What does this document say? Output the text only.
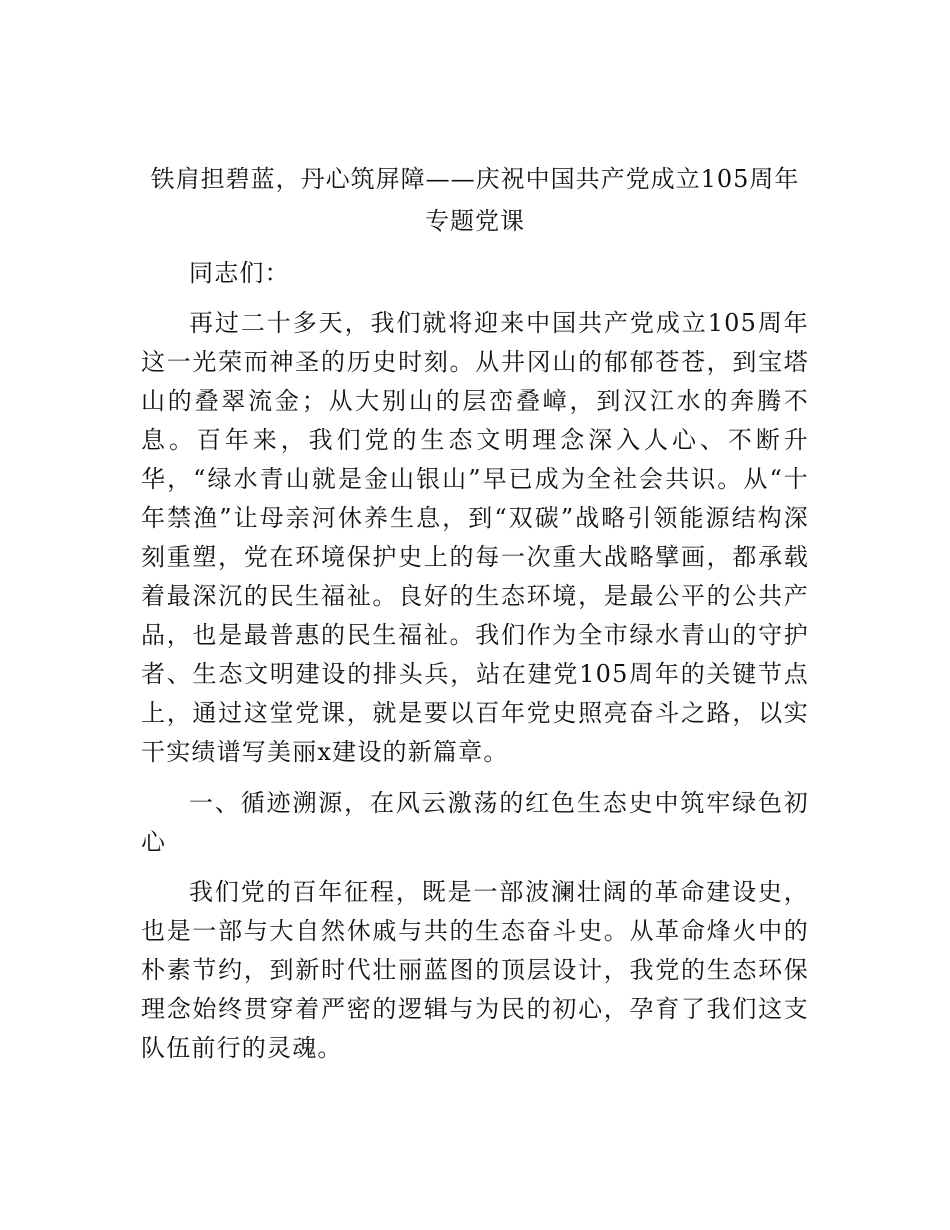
铁肩担碧蓝，丹心筑屏障——庆祝中国共产党成立105周年专题党课

同志们：

再过二十多天，我们就将迎来中国共产党成立105周年这一光荣而神圣的历史时刻。从井冈山的郁郁苍苍，到宝塔山的叠翠流金；从大别山的层峦叠嶂，到汉江水的奔腾不息。百年来，我们党的生态文明理念深入人心、不断升华，“绿水青山就是金山银山”早已成为全社会共识。从“十年禁渔”让母亲河休养生息，到“双碳”战略引领能源结构深刻重塑，党在环境保护史上的每一次重大战略擘画，都承载着最深沉的民生福祉。良好的生态环境，是最公平的公共产品，也是最普惠的民生福祉。我们作为全市绿水青山的守护者、生态文明建设的排头兵，站在建党105周年的关键节点上，通过这堂党课，就是要以百年党史照亮奋斗之路，以实干实绩谱写美丽x建设的新篇章。

一、循迹溯源，在风云激荡的红色生态史中筑牢绿色初心

我们党的百年征程，既是一部波澜壮阔的革命建设史，也是一部与大自然休戚与共的生态奋斗史。从革命烽火中的朴素节约，到新时代壮丽蓝图的顶层设计，我党的生态环保理念始终贯穿着严密的逻辑与为民的初心，孕育了我们这支队伍前行的灵魂。
